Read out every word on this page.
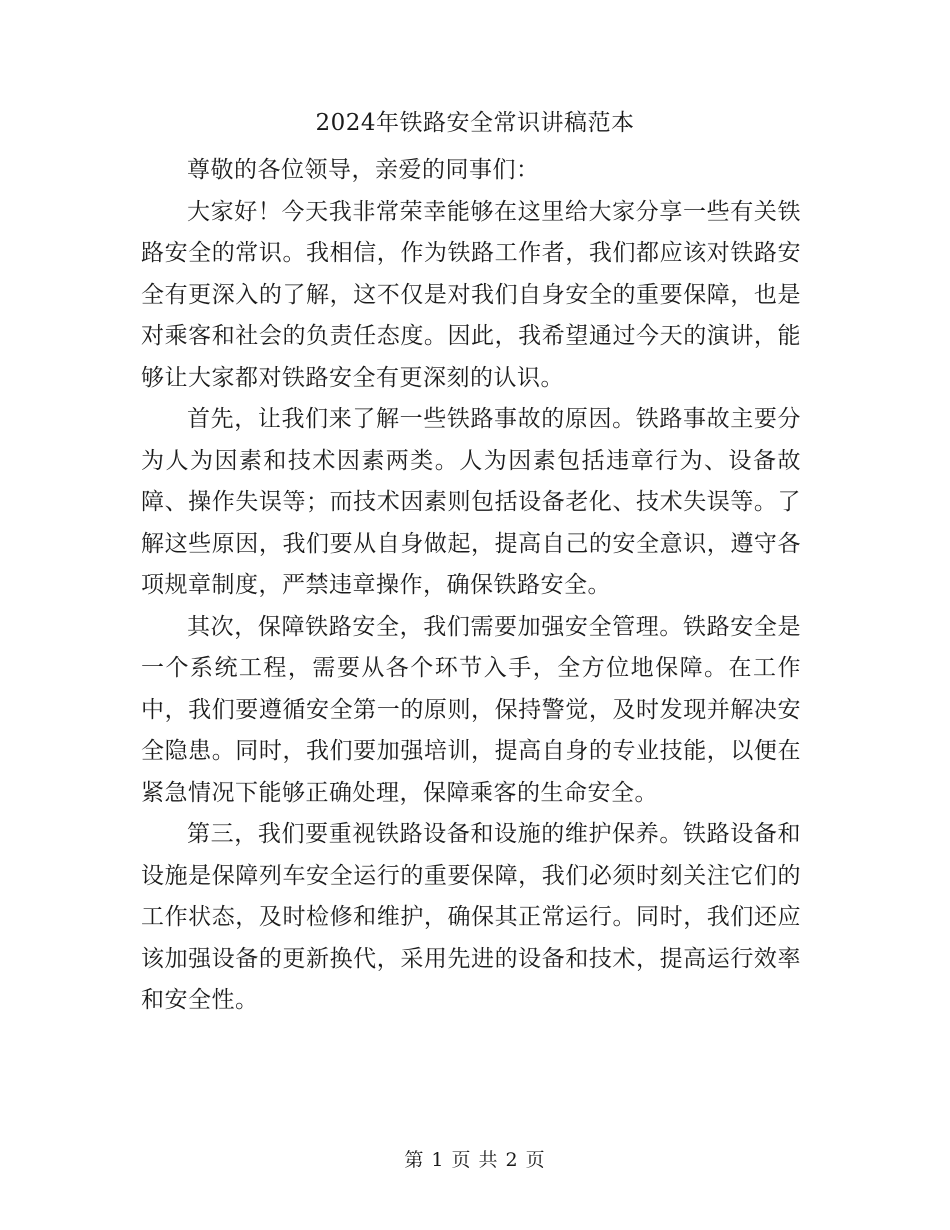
2024年铁路安全常识讲稿范本

尊敬的各位领导，亲爱的同事们：

大家好！今天我非常荣幸能够在这里给大家分享一些有关铁路安全的常识。我相信，作为铁路工作者，我们都应该对铁路安全有更深入的了解，这不仅是对我们自身安全的重要保障，也是对乘客和社会的负责任态度。因此，我希望通过今天的演讲，能够让大家都对铁路安全有更深刻的认识。

首先，让我们来了解一些铁路事故的原因。铁路事故主要分为人为因素和技术因素两类。人为因素包括违章行为、设备故障、操作失误等；而技术因素则包括设备老化、技术失误等。了解这些原因，我们要从自身做起，提高自己的安全意识，遵守各项规章制度，严禁违章操作，确保铁路安全。

其次，保障铁路安全，我们需要加强安全管理。铁路安全是一个系统工程，需要从各个环节入手，全方位地保障。在工作中，我们要遵循安全第一的原则，保持警觉，及时发现并解决安全隐患。同时，我们要加强培训，提高自身的专业技能，以便在紧急情况下能够正确处理，保障乘客的生命安全。

第三，我们要重视铁路设备和设施的维护保养。铁路设备和设施是保障列车安全运行的重要保障，我们必须时刻关注它们的工作状态，及时检修和维护，确保其正常运行。同时，我们还应该加强设备的更新换代，采用先进的设备和技术，提高运行效率和安全性。

第 1 页 共 2 页
